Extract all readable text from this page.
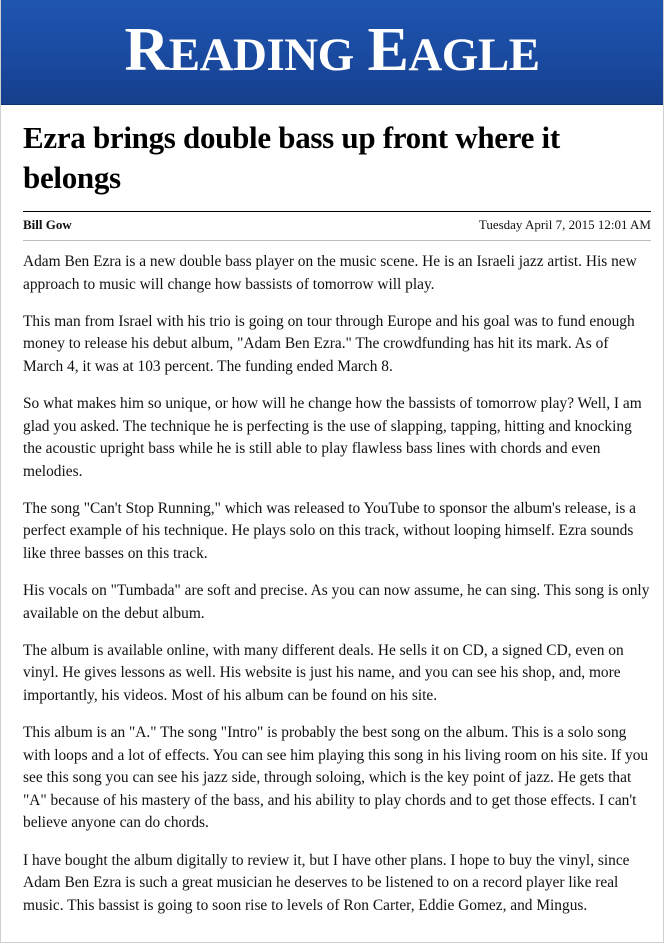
READING EAGLE
Ezra brings double bass up front where it belongs
Bill Gow	Tuesday April 7, 2015 12:01 AM

Adam Ben Ezra is a new double bass player on the music scene. He is an Israeli jazz artist. His new approach to music will change how bassists of tomorrow will play.

This man from Israel with his trio is going on tour through Europe and his goal was to fund enough money to release his debut album, "Adam Ben Ezra." The crowdfunding has hit its mark. As of March 4, it was at 103 percent. The funding ended March 8.

So what makes him so unique, or how will he change how the bassists of tomorrow play? Well, I am glad you asked. The technique he is perfecting is the use of slapping, tapping, hitting and knocking the acoustic upright bass while he is still able to play flawless bass lines with chords and even melodies.

The song "Can't Stop Running," which was released to YouTube to sponsor the album's release, is a perfect example of his technique. He plays solo on this track, without looping himself. Ezra sounds like three basses on this track.

His vocals on "Tumbada" are soft and precise. As you can now assume, he can sing. This song is only available on the debut album.

The album is available online, with many different deals. He sells it on CD, a signed CD, even on vinyl. He gives lessons as well. His website is just his name, and you can see his shop, and, more importantly, his videos. Most of his album can be found on his site.

This album is an "A." The song "Intro" is probably the best song on the album. This is a solo song with loops and a lot of effects. You can see him playing this song in his living room on his site. If you see this song you can see his jazz side, through soloing, which is the key point of jazz. He gets that "A" because of his mastery of the bass, and his ability to play chords and to get those effects. I can't believe anyone can do chords.

I have bought the album digitally to review it, but I have other plans. I hope to buy the vinyl, since Adam Ben Ezra is such a great musician he deserves to be listened to on a record player like real music. This bassist is going to soon rise to levels of Ron Carter, Eddie Gomez, and Mingus.
